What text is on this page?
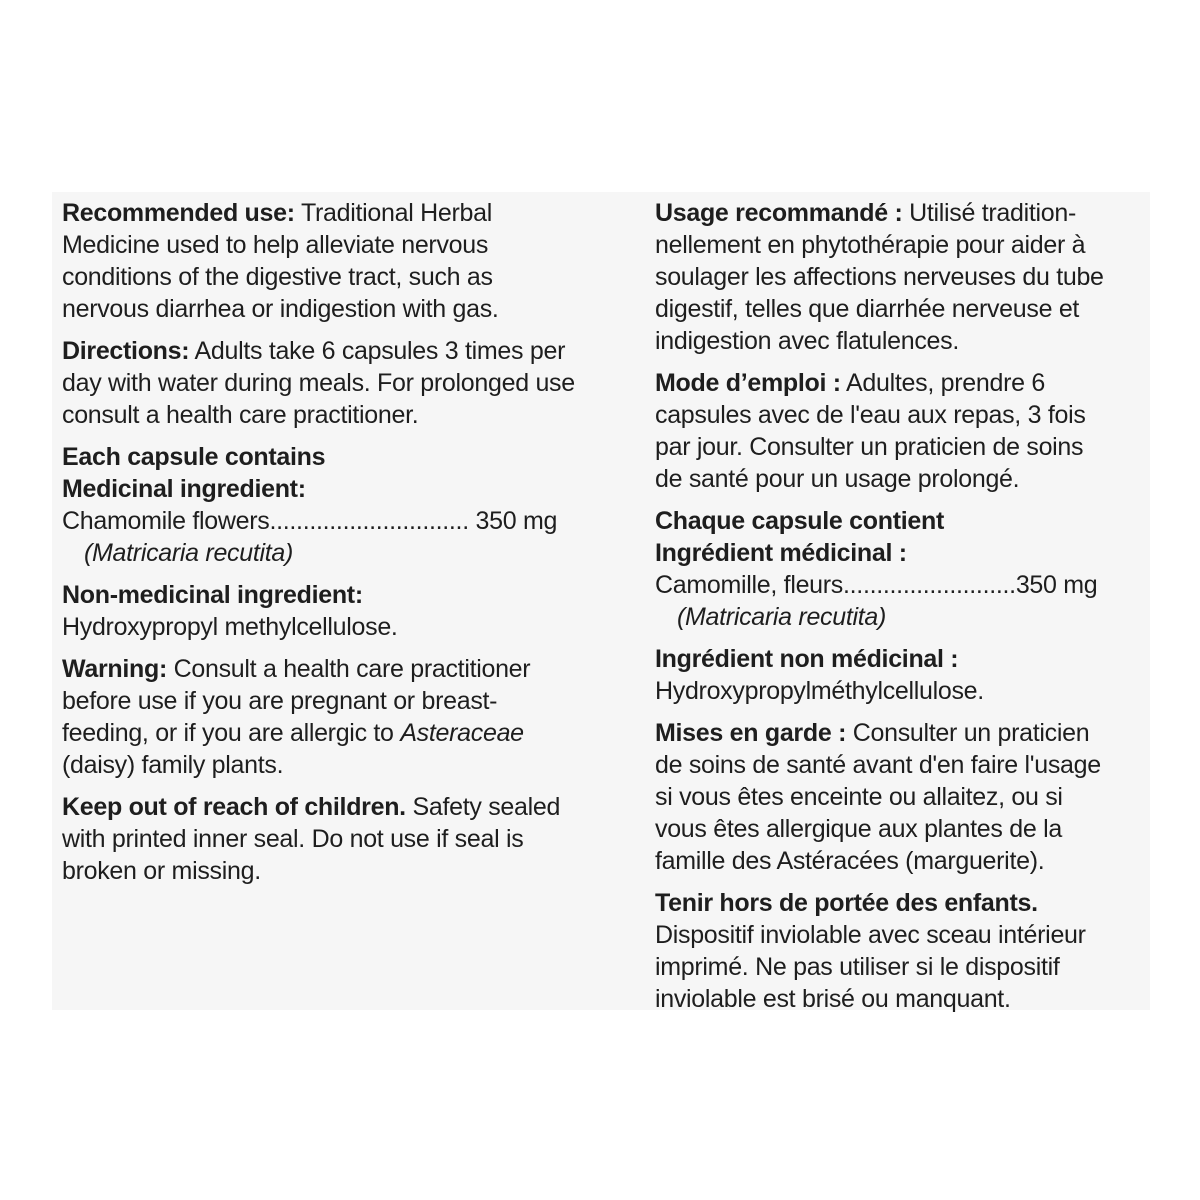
Recommended use: Traditional Herbal
Medicine used to help alleviate nervous
conditions of the digestive tract, such as
nervous diarrhea or indigestion with gas.
Directions: Adults take 6 capsules 3 times per
day with water during meals. For prolonged use
consult a health care practitioner.
Each capsule contains
Medicinal ingredient:
Chamomile flowers.............................. 350 mg
(Matricaria recutita)
Non-medicinal ingredient:
Hydroxypropyl methylcellulose.
Warning: Consult a health care practitioner
before use if you are pregnant or breast-
feeding, or if you are allergic to Asteraceae
(daisy) family plants.
Keep out of reach of children. Safety sealed
with printed inner seal. Do not use if seal is
broken or missing.
Usage recommandé : Utilisé tradition-
nellement en phytothérapie pour aider à
soulager les affections nerveuses du tube
digestif, telles que diarrhée nerveuse et
indigestion avec flatulences.
Mode d’emploi : Adultes, prendre 6
capsules avec de l'eau aux repas, 3 fois
par jour. Consulter un praticien de soins
de santé pour un usage prolongé.
Chaque capsule contient
Ingrédient médicinal :
Camomille, fleurs..........................350 mg
(Matricaria recutita)
Ingrédient non médicinal :
Hydroxypropylméthylcellulose.
Mises en garde : Consulter un praticien
de soins de santé avant d'en faire l'usage
si vous êtes enceinte ou allaitez, ou si
vous êtes allergique aux plantes de la
famille des Astéracées (marguerite).
Tenir hors de portée des enfants.
Dispositif inviolable avec sceau intérieur
imprimé. Ne pas utiliser si le dispositif
inviolable est brisé ou manquant.
